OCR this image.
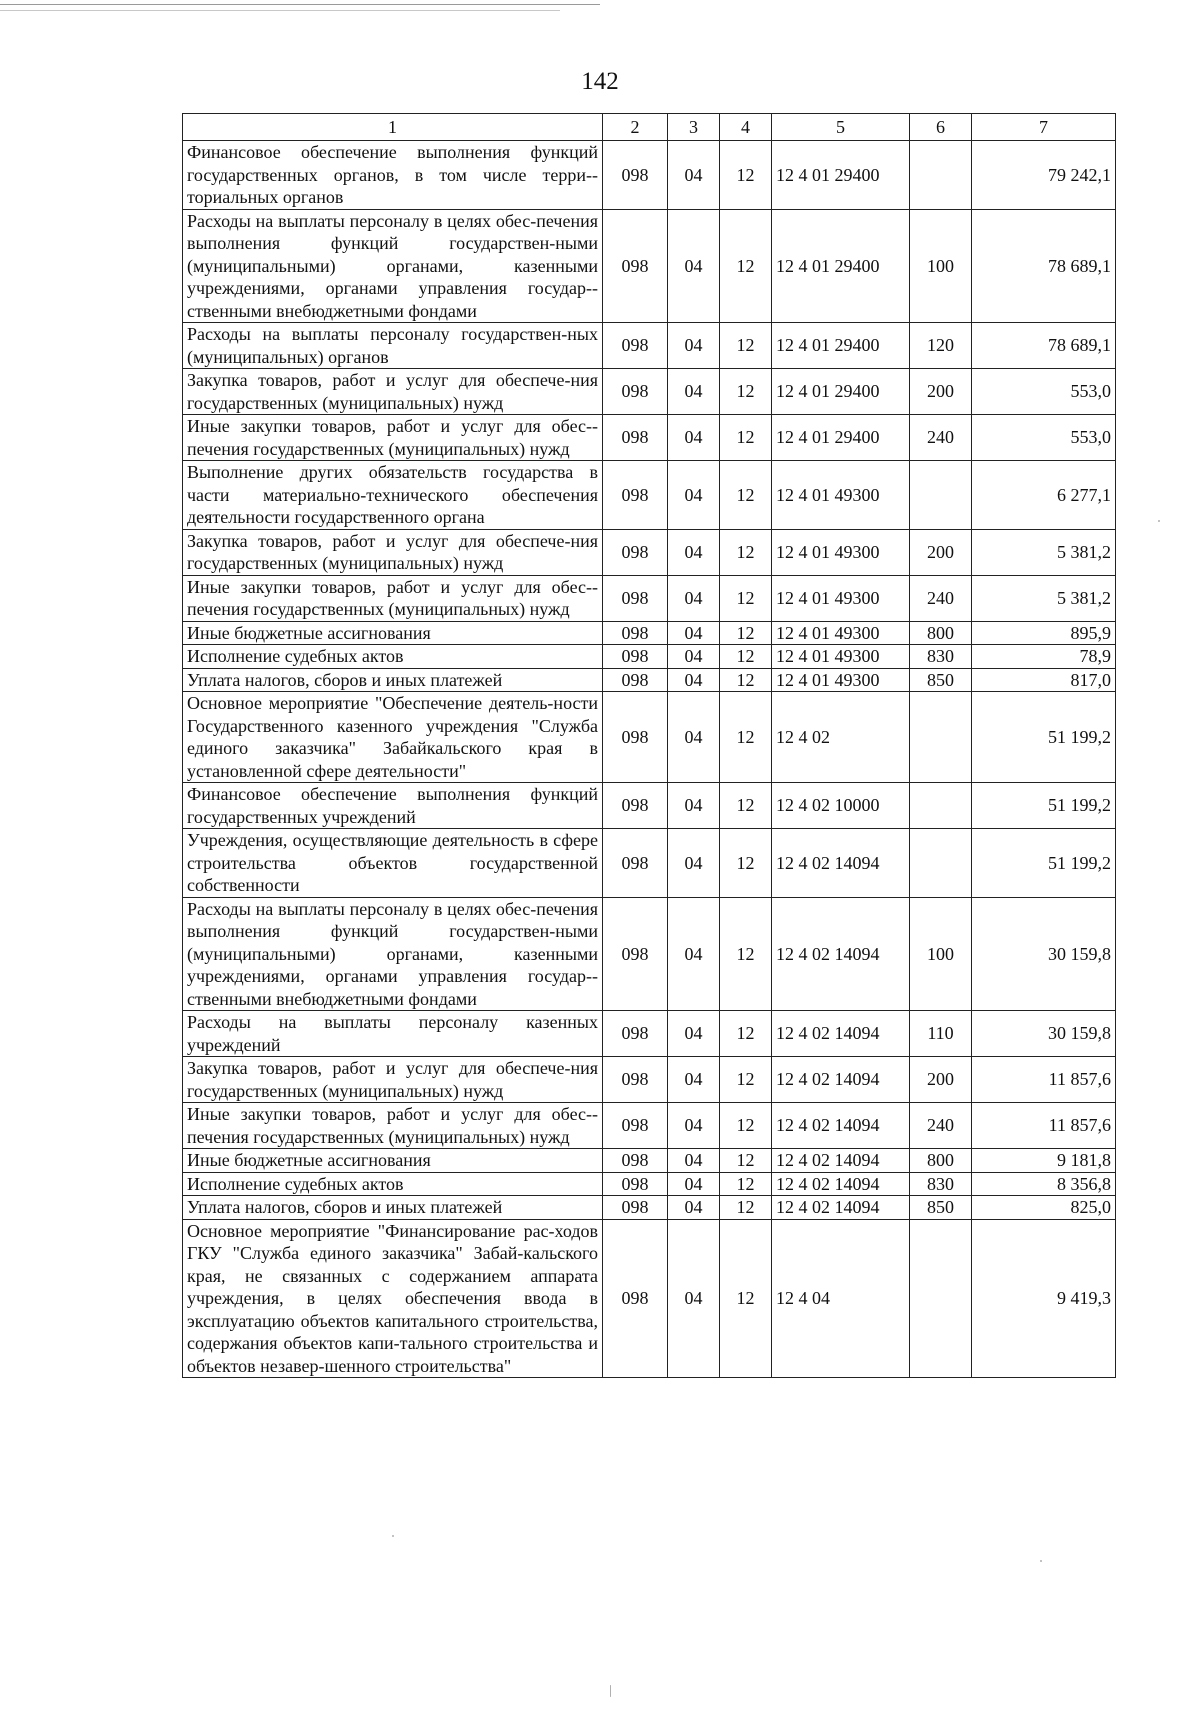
142
1	2	3	4	5	6	7
Финансовое обеспечение выполнения функций государственных органов, в том числе терри-ториальных органов	098	04	12	12 4 01 29400		79 242,1
Расходы на выплаты персоналу в целях обес-печения выполнения функций государствен-ными (муниципальными) органами, казенными учреждениями, органами управления государ-ственными внебюджетными фондами	098	04	12	12 4 01 29400	100	78 689,1
Расходы на выплаты персоналу государствен-ных (муниципальных) органов	098	04	12	12 4 01 29400	120	78 689,1
Закупка товаров, работ и услуг для обеспече-ния государственных (муниципальных) нужд	098	04	12	12 4 01 29400	200	553,0
Иные закупки товаров, работ и услуг для обес-печения государственных (муниципальных) нужд	098	04	12	12 4 01 29400	240	553,0
Выполнение других обязательств государства в части материально-технического обеспечения деятельности государственного органа	098	04	12	12 4 01 49300		6 277,1
Закупка товаров, работ и услуг для обеспече-ния государственных (муниципальных) нужд	098	04	12	12 4 01 49300	200	5 381,2
Иные закупки товаров, работ и услуг для обес-печения государственных (муниципальных) нужд	098	04	12	12 4 01 49300	240	5 381,2
Иные бюджетные ассигнования	098	04	12	12 4 01 49300	800	895,9
Исполнение судебных актов	098	04	12	12 4 01 49300	830	78,9
Уплата налогов, сборов и иных платежей	098	04	12	12 4 01 49300	850	817,0
Основное мероприятие "Обеспечение деятель-ности Государственного казенного учреждения "Служба единого заказчика" Забайкальского края в установленной сфере деятельности"	098	04	12	12 4 02		51 199,2
Финансовое обеспечение выполнения функций государственных учреждений	098	04	12	12 4 02 10000		51 199,2
Учреждения, осуществляющие деятельность в сфере строительства объектов государственной собственности	098	04	12	12 4 02 14094		51 199,2
Расходы на выплаты персоналу в целях обес-печения выполнения функций государствен-ными (муниципальными) органами, казенными учреждениями, органами управления государ-ственными внебюджетными фондами	098	04	12	12 4 02 14094	100	30 159,8
Расходы на выплаты персоналу казенных учреждений	098	04	12	12 4 02 14094	110	30 159,8
Закупка товаров, работ и услуг для обеспече-ния государственных (муниципальных) нужд	098	04	12	12 4 02 14094	200	11 857,6
Иные закупки товаров, работ и услуг для обес-печения государственных (муниципальных) нужд	098	04	12	12 4 02 14094	240	11 857,6
Иные бюджетные ассигнования	098	04	12	12 4 02 14094	800	9 181,8
Исполнение судебных актов	098	04	12	12 4 02 14094	830	8 356,8
Уплата налогов, сборов и иных платежей	098	04	12	12 4 02 14094	850	825,0
Основное мероприятие "Финансирование рас-ходов ГКУ "Служба единого заказчика" Забай-кальского края, не связанных с содержанием аппарата учреждения, в целях обеспечения ввода в эксплуатацию объектов капитального строительства, содержания объектов капи-тального строительства и объектов незавер-шенного строительства"	098	04	12	12 4 04		9 419,3
